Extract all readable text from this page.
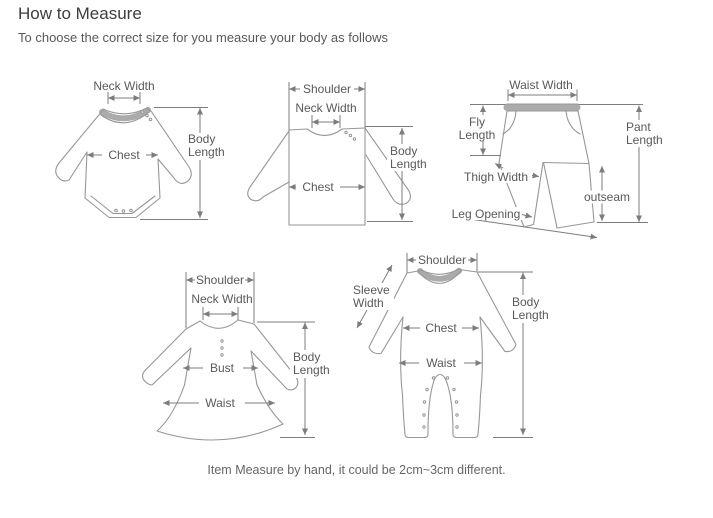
How to Measure
To choose the correct size for you measure your body as follows
Neck Width
Chest
Body
Length
Shoulder
Neck Width
Chest
Body
Length
Waist Width
Fly
Length
Pant
Length
Thigh Width
outseam
Leg Opening
Shoulder
Neck Width
Bust
Waist
Body
Length
Shoulder
Sleeve
Width
Chest
Waist
Body
Length
Item Measure by hand, it could be 2cm~3cm different.
